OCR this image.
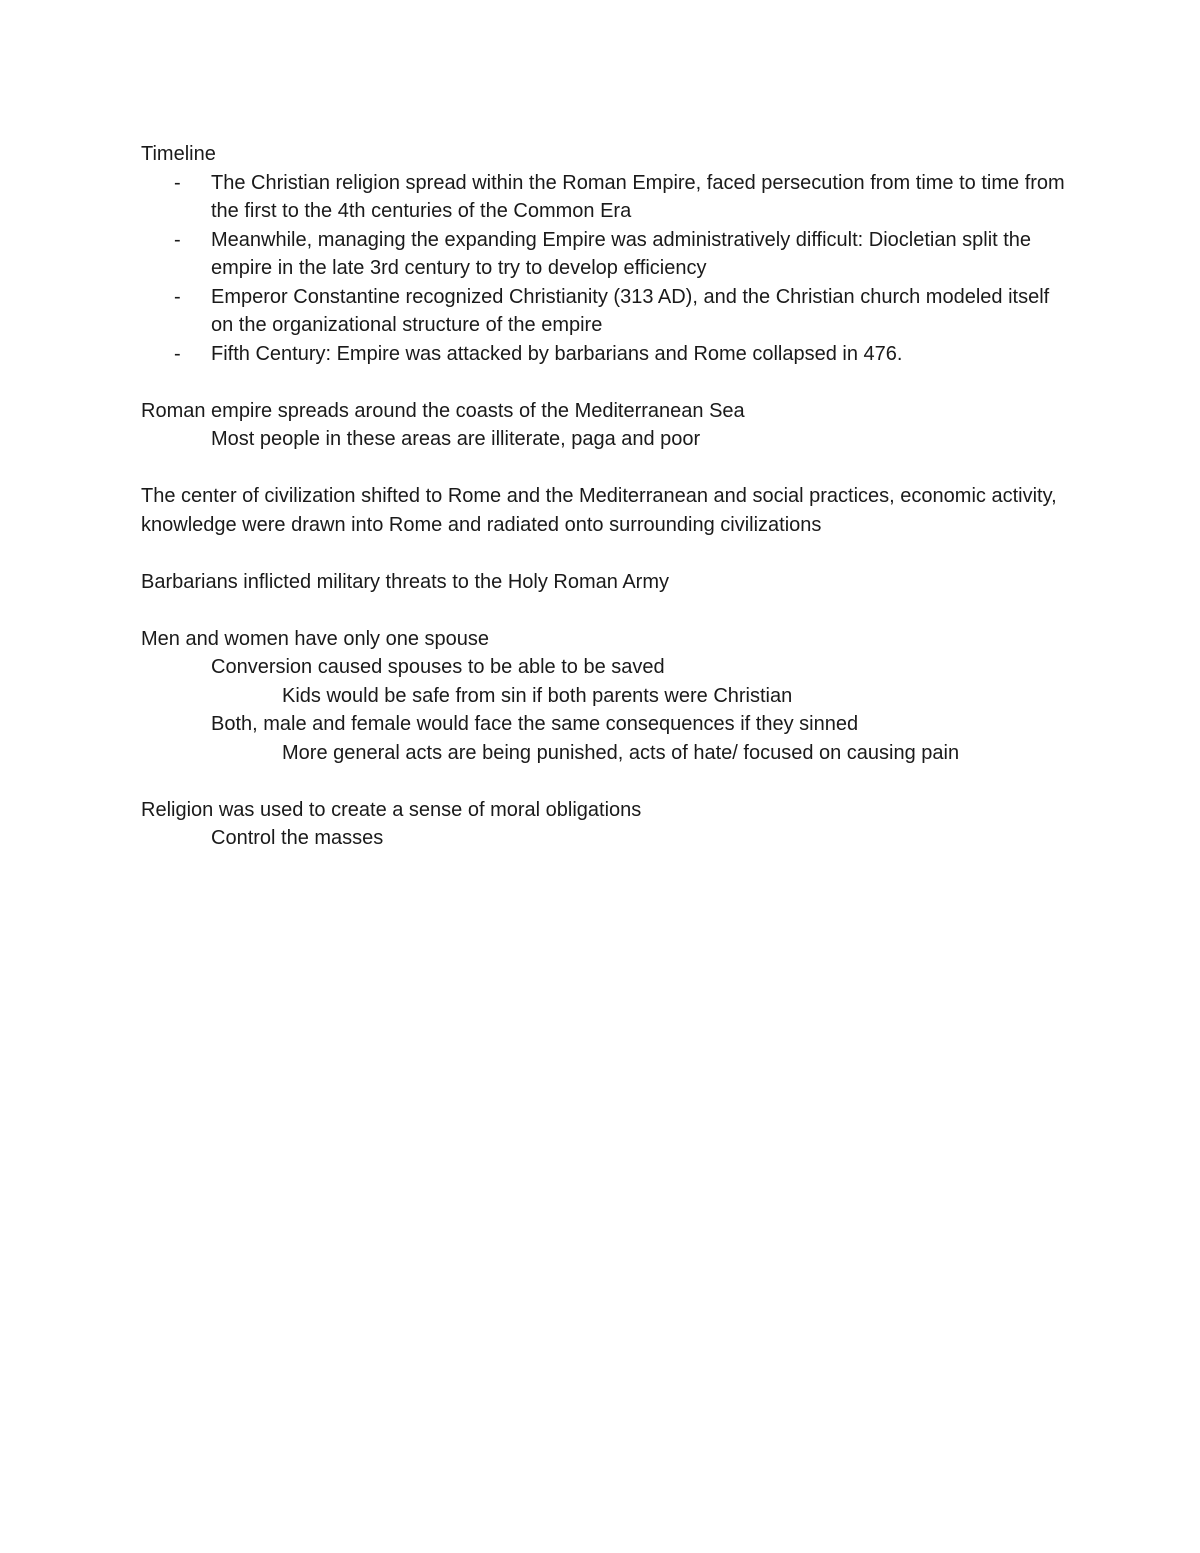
Timeline

- The Christian religion spread within the Roman Empire, faced persecution from time to time from the first to the 4th centuries of the Common Era
- Meanwhile, managing the expanding Empire was administratively difficult: Diocletian split the empire in the late 3rd century to try to develop efficiency
- Emperor Constantine recognized Christianity (313 AD), and the Christian church modeled itself on the organizational structure of the empire
- Fifth Century: Empire was attacked by barbarians and Rome collapsed in 476.

Roman empire spreads around the coasts of the Mediterranean Sea

Most people in these areas are illiterate, paga and poor

The center of civilization shifted to Rome and the Mediterranean and social practices, economic activity, knowledge were drawn into Rome and radiated onto surrounding civilizations

Barbarians inflicted military threats to the Holy Roman Army

Men and women have only one spouse

Conversion caused spouses to be able to be saved

Kids would be safe from sin if both parents were Christian

Both, male and female would face the same consequences if they sinned

More general acts are being punished, acts of hate/ focused on causing pain

Religion was used to create a sense of moral obligations

Control the masses
